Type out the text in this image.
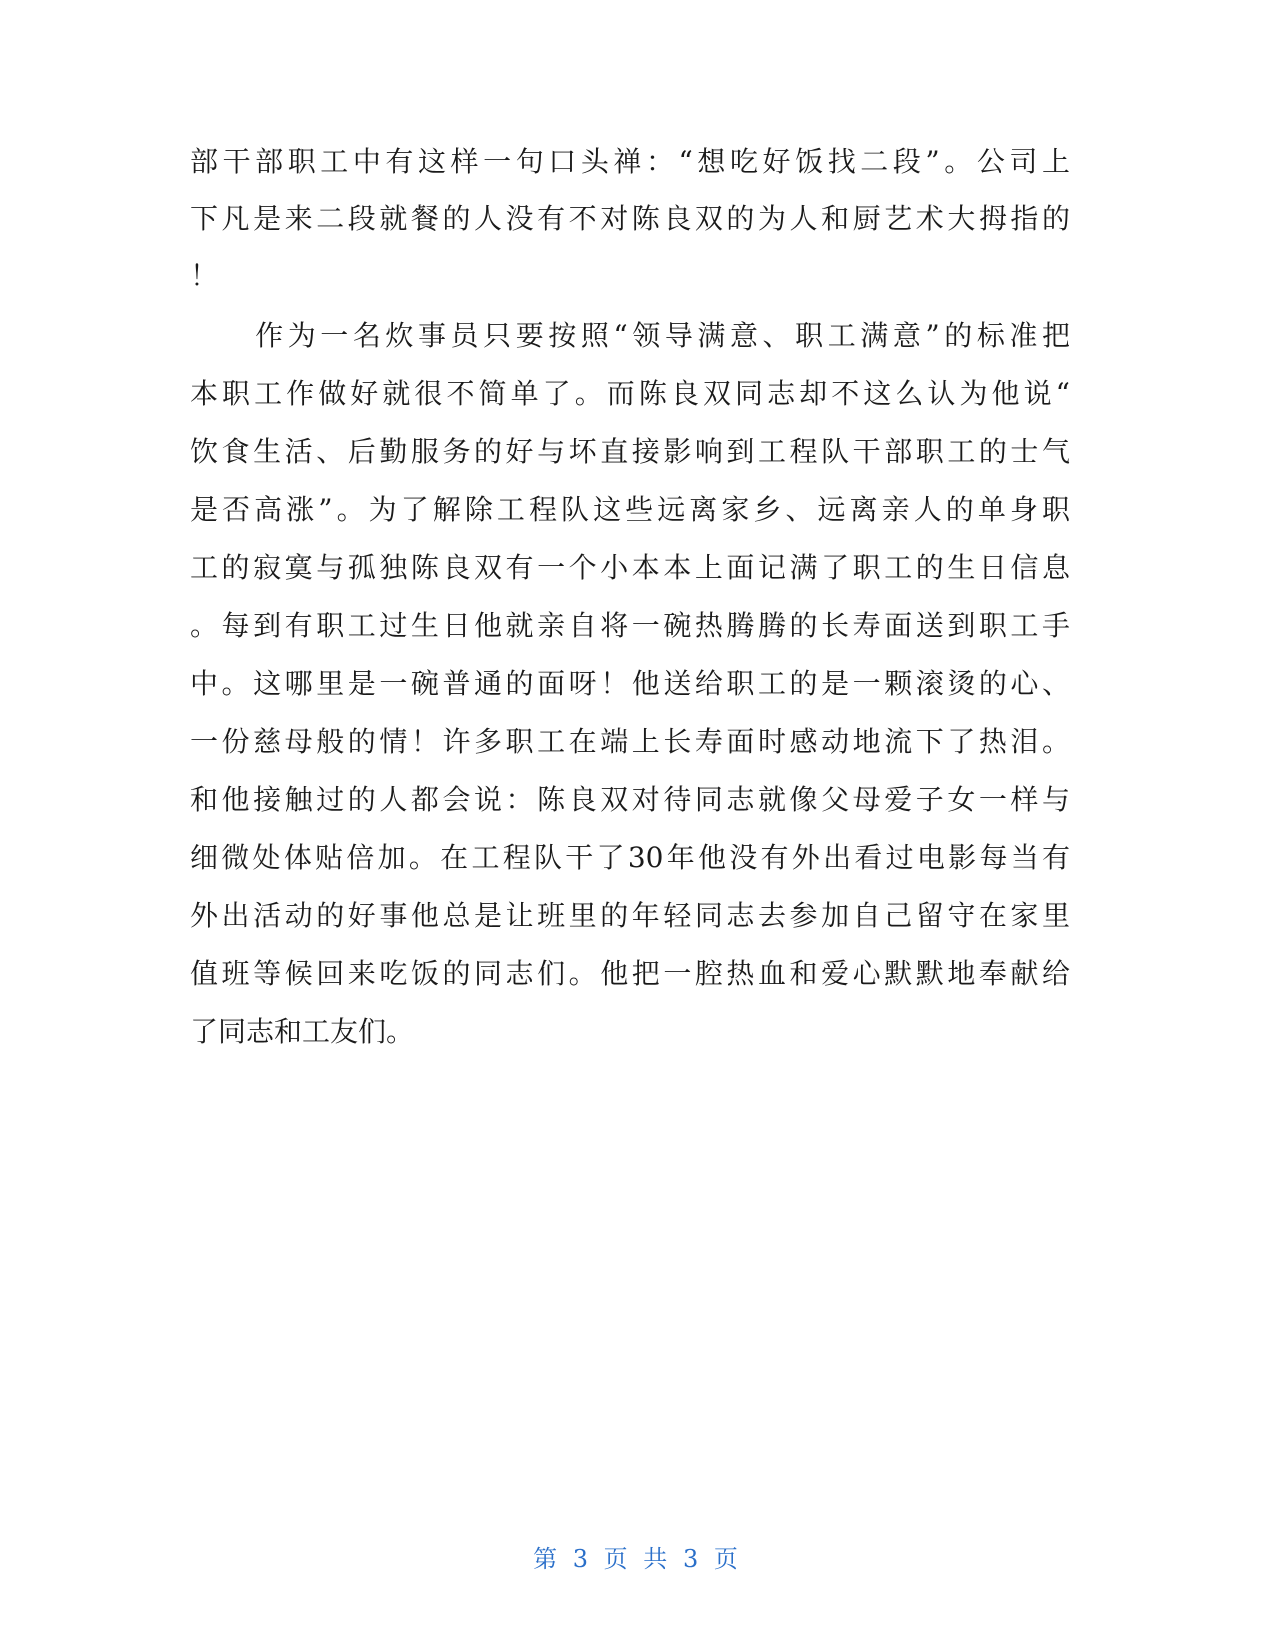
部干部职工中有这样一句口头禅：“想吃好饭找二段”。公司上
下凡是来二段就餐的人没有不对陈良双的为人和厨艺术大拇指的
！
　　作为一名炊事员只要按照“领导满意、职工满意”的标准把
本职工作做好就很不简单了。而陈良双同志却不这么认为他说“
饮食生活、后勤服务的好与坏直接影响到工程队干部职工的士气
是否高涨”。为了解除工程队这些远离家乡、远离亲人的单身职
工的寂寞与孤独陈良双有一个小本本上面记满了职工的生日信息
。每到有职工过生日他就亲自将一碗热腾腾的长寿面送到职工手
中。这哪里是一碗普通的面呀！他送给职工的是一颗滚烫的心、
一份慈母般的情！许多职工在端上长寿面时感动地流下了热泪。
和他接触过的人都会说：陈良双对待同志就像父母爱子女一样与
细微处体贴倍加。在工程队干了30年他没有外出看过电影每当有
外出活动的好事他总是让班里的年轻同志去参加自己留守在家里
值班等候回来吃饭的同志们。他把一腔热血和爱心默默地奉献给
了同志和工友们。
第 3 页 共 3 页
